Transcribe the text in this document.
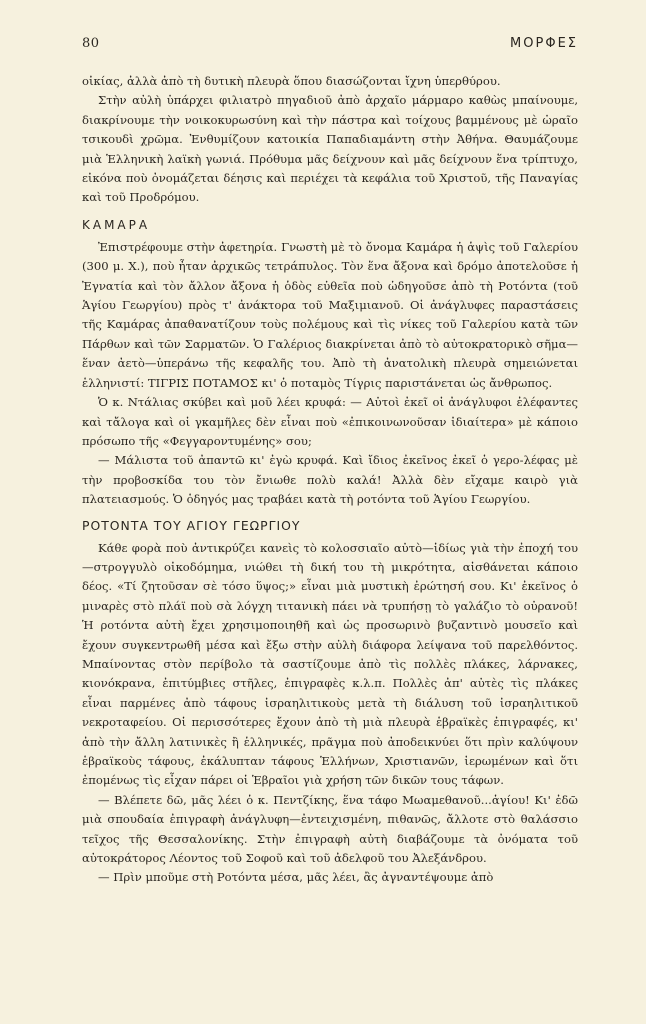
80	ΜΟΡΦΕΣ

οἰκίας, ἀλλὰ ἀπὸ τὴ δυτικὴ πλευρὰ ὅπου διασώζονται ἴχνη ὑπερθύρου.

Στὴν αὐλὴ ὑπάρχει φιλιατρὸ πηγαδιοῦ ἀπὸ ἀρχαῖο μάρμαρο καθὼς μπαίνουμε, διακρίνουμε τὴν νοικοκυρωσύνη καὶ τὴν πάστρα καὶ τοίχους βαμμένους μὲ ὡραῖο τσικουδὶ χρῶμα. Ἐνθυμίζουν κατοικία Παπαδιαμάντη στὴν Ἀθήνα. Θαυμάζουμε μιὰ Ἑλληνικὴ λαϊκὴ γωνιά. Πρόθυμα μᾶς δείχνουν καὶ μᾶς δείχνουν ἕνα τρίπτυχο, εἰκόνα ποὺ ὀνομάζεται δέησις καὶ περιέχει τὰ κεφάλια τοῦ Χριστοῦ, τῆς Παναγίας καὶ τοῦ Προδρόμου.

ΚΑΜΑΡΑ

Ἐπιστρέφουμε στὴν ἀφετηρία. Γνωστὴ μὲ τὸ ὄνομα Καμάρα ἡ ἁψὶς τοῦ Γαλερίου (300 μ. Χ.), ποὺ ἦταν ἀρχικῶς τετράπυλος. Τὸν ἕνα ἄξονα καὶ δρόμο ἀποτελοῦσε ἡ Ἐγνατία καὶ τὸν ἄλλον ἄξονα ἡ ὁδὸς εὐθεῖα ποὺ ὡδηγοῦσε ἀπὸ τὴ Ροτόντα (τοῦ Ἁγίου Γεωργίου) πρὸς τ' ἀνάκτορα τοῦ Μαξιμιανοῦ. Οἱ ἀνάγλυφες παραστάσεις τῆς Καμάρας ἀπαθανατίζουν τοὺς πολέμους καὶ τὶς νίκες τοῦ Γαλερίου κατὰ τῶν Πάρθων καὶ τῶν Σαρματῶν. Ὁ Γαλέριος διακρίνεται ἀπὸ τὸ αὐτοκρατορικὸ σῆμα—ἕναν ἀετὸ—ὑπεράνω τῆς κεφαλῆς του. Ἀπὸ τὴ ἀνατολικὴ πλευρὰ σημειώνεται ἑλληνιστί: ΤΙΓΡΙΣ ΠΟΤΑΜΟΣ κι' ὁ ποταμὸς Τίγρις παριστάνεται ὡς ἄνθρωπος.

Ὁ κ. Ντάλιας σκύβει καὶ μοῦ λέει κρυφά: — Αὐτοὶ ἐκεῖ οἱ ἀνάγλυφοι ἐλέφαντες καὶ τἄλογα καὶ οἱ γκαμῆλες δὲν εἶναι ποὺ «ἐπικοινωνοῦσαν ἰδιαίτερα» μὲ κάποιο πρόσωπο τῆς «Φεγγαροντυμένης» σου;

— Μάλιστα τοῦ ἀπαντῶ κι' ἐγὼ κρυφά. Καὶ ἴδιος ἐκεῖνος ἐκεῖ ὁ γερο-λέφας μὲ τὴν προβοσκίδα του τὸν ἔνιωθε πολὺ καλά! Ἀλλὰ δὲν εἴχαμε καιρὸ γιὰ πλατειασμούς. Ὁ ὁδηγός μας τραβάει κατὰ τὴ ροτόντα τοῦ Ἁγίου Γεωργίου.

ΡΟΤΟΝΤΑ ΤΟΥ ΑΓΙΟΥ ΓΕΩΡΓΙΟΥ

Κάθε φορὰ ποὺ ἀντικρύζει κανεὶς τὸ κολοσσιαῖο αὐτὸ—ἰδίως γιὰ τὴν ἐποχή του—στρογγυλὸ οἰκοδόμημα, νιώθει τὴ δική του τὴ μικρότητα, αἰσθάνεται κάποιο δέος. «Τί ζητοῦσαν σὲ τόσο ὕψος;» εἶναι μιὰ μυστικὴ ἐρώτησή σου. Κι' ἐκεῖνος ὁ μιναρὲς στὸ πλάϊ ποὺ σὰ λόγχη τιτανικὴ πάει νὰ τρυπήσῃ τὸ γαλάζιο τὸ οὐρανοῦ! Ἡ ροτόντα αὐτὴ ἔχει χρησιμοποιηθῆ καὶ ὡς προσωρινὸ βυζαντινὸ μουσεῖο καὶ ἔχουν συγκεντρωθῆ μέσα καὶ ἔξω στὴν αὐλὴ διάφορα λείψανα τοῦ παρελθόντος. Μπαίνοντας στὸν περίβολο τὰ σαστίζουμε ἀπὸ τὶς πολλὲς πλάκες, λάρνακες, κιονόκρανα, ἐπιτύμβιες στῆλες, ἐπιγραφὲς κ.λ.π. Πολλὲς ἀπ' αὐτὲς τὶς πλάκες εἶναι παρμένες ἀπὸ τάφους ἰσραηλιτικοὺς μετὰ τὴ διάλυση τοῦ ἰσραηλιτικοῦ νεκροταφείου. Οἱ περισσότερες ἔχουν ἀπὸ τὴ μιὰ πλευρὰ ἑβραϊκὲς ἐπιγραφές, κι' ἀπὸ τὴν ἄλλη λατινικὲς ἢ ἑλληνικές, πρᾶγμα ποὺ ἀποδεικνύει ὅτι πρὶν καλύψουν ἑβραϊκοὺς τάφους, ἐκάλυπταν τάφους Ἑλλήνων, Χριστιανῶν, ἱερωμένων καὶ ὅτι ἐπομένως τὶς εἶχαν πάρει οἱ Ἑβραῖοι γιὰ χρήση τῶν δικῶν τους τάφων.

— Βλέπετε δῶ, μᾶς λέει ὁ κ. Πεντζίκης, ἕνα τάφο Μωαμεθανοῦ...ἁγίου! Κι' ἐδῶ μιὰ σπουδαία ἐπιγραφὴ ἀνάγλυφη—ἐντειχισμένη, πιθανῶς, ἄλλοτε στὸ θαλάσσιο τεῖχος τῆς Θεσσαλονίκης. Στὴν ἐπιγραφὴ αὐτὴ διαβάζουμε τὰ ὀνόματα τοῦ αὐτοκράτορος Λέοντος τοῦ Σοφοῦ καὶ τοῦ ἀδελφοῦ του Ἀλεξάνδρου.

— Πρὶν μποῦμε στὴ Ροτόντα μέσα, μᾶς λέει, ἂς ἀγναντέψουμε ἀπὸ
